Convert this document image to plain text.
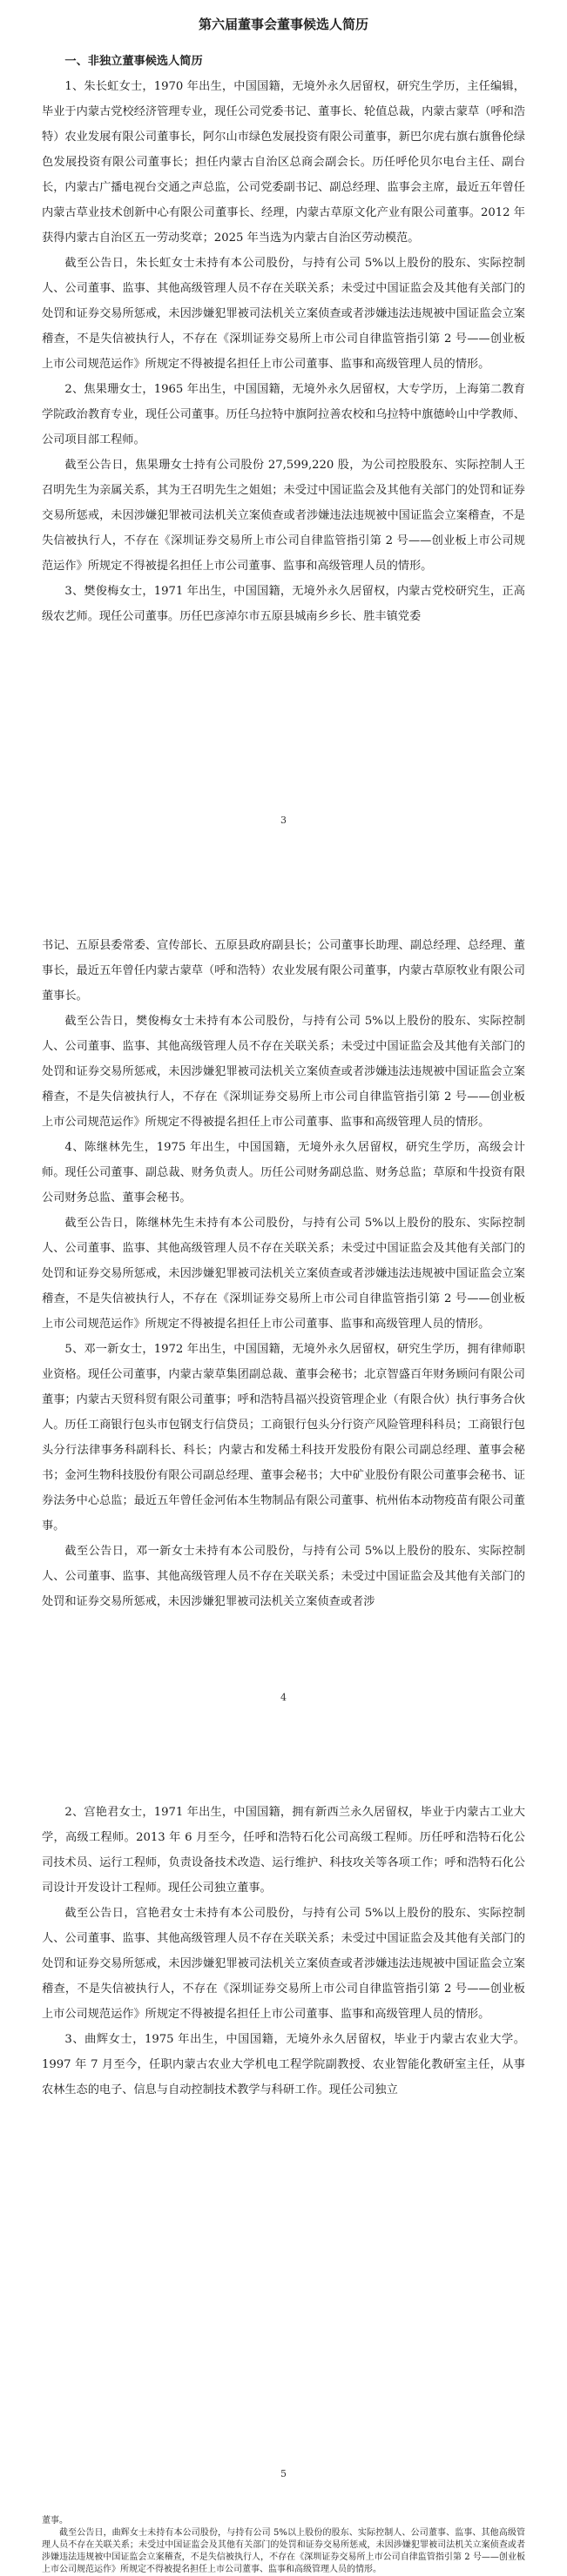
第六届董事会董事候选人简历

一、非独立董事候选人简历

1、朱长虹女士，1970 年出生，中国国籍，无境外永久居留权，研究生学历，主任编辑，毕业于内蒙古党校经济管理专业，现任公司党委书记、董事长、轮值总裁，内蒙古蒙草（呼和浩特）农业发展有限公司董事长，阿尔山市绿色发展投资有限公司董事，新巴尔虎右旗右旗鲁伦绿色发展投资有限公司董事长；担任内蒙古自治区总商会副会长。历任呼伦贝尔电台主任、副台长，内蒙古广播电视台交通之声总监，公司党委副书记、副总经理、监事会主席，最近五年曾任内蒙古草业技术创新中心有限公司董事长、经理，内蒙古草原文化产业有限公司董事。2012 年获得内蒙古自治区五一劳动奖章；2025 年当选为内蒙古自治区劳动模范。

截至公告日，朱长虹女士未持有本公司股份，与持有公司 5%以上股份的股东、实际控制人、公司董事、监事、其他高级管理人员不存在关联关系；未受过中国证监会及其他有关部门的处罚和证券交易所惩戒，未因涉嫌犯罪被司法机关立案侦查或者涉嫌违法违规被中国证监会立案稽查，不是失信被执行人，不存在《深圳证券交易所上市公司自律监管指引第 2 号——创业板上市公司规范运作》所规定不得被提名担任上市公司董事、监事和高级管理人员的情形。

2、焦果珊女士，1965 年出生，中国国籍，无境外永久居留权，大专学历，上海第二教育学院政治教育专业，现任公司董事。历任乌拉特中旗阿拉善农校和乌拉特中旗德岭山中学教师、公司项目部工程师。

截至公告日，焦果珊女士持有公司股份 27,599,220 股，为公司控股股东、实际控制人王召明先生为亲属关系，其为王召明先生之姐姐；未受过中国证监会及其他有关部门的处罚和证券交易所惩戒，未因涉嫌犯罪被司法机关立案侦查或者涉嫌违法违规被中国证监会立案稽查，不是失信被执行人，不存在《深圳证券交易所上市公司自律监管指引第 2 号——创业板上市公司规范运作》所规定不得被提名担任上市公司董事、监事和高级管理人员的情形。

3、樊俊梅女士，1971 年出生，中国国籍，无境外永久居留权，内蒙古党校研究生，正高级农艺师。现任公司董事。历任巴彦淖尔市五原县城南乡乡长、胜丰镇党委

3

书记、五原县委常委、宣传部长、五原县政府副县长；公司董事长助理、副总经理、总经理、董事长，最近五年曾任内蒙古蒙草（呼和浩特）农业发展有限公司董事，内蒙古草原牧业有限公司董事长。

截至公告日，樊俊梅女士未持有本公司股份，与持有公司 5%以上股份的股东、实际控制人、公司董事、监事、其他高级管理人员不存在关联关系；未受过中国证监会及其他有关部门的处罚和证券交易所惩戒，未因涉嫌犯罪被司法机关立案侦查或者涉嫌违法违规被中国证监会立案稽查，不是失信被执行人，不存在《深圳证券交易所上市公司自律监管指引第 2 号——创业板上市公司规范运作》所规定不得被提名担任上市公司董事、监事和高级管理人员的情形。

4、陈继林先生，1975 年出生，中国国籍，无境外永久居留权，研究生学历，高级会计师。现任公司董事、副总裁、财务负责人。历任公司财务副总监、财务总监；草原和牛投资有限公司财务总监、董事会秘书。

截至公告日，陈继林先生未持有本公司股份，与持有公司 5%以上股份的股东、实际控制人、公司董事、监事、其他高级管理人员不存在关联关系；未受过中国证监会及其他有关部门的处罚和证券交易所惩戒，未因涉嫌犯罪被司法机关立案侦查或者涉嫌违法违规被中国证监会立案稽查，不是失信被执行人，不存在《深圳证券交易所上市公司自律监管指引第 2 号——创业板上市公司规范运作》所规定不得被提名担任上市公司董事、监事和高级管理人员的情形。

5、邓一新女士，1972 年出生，中国国籍，无境外永久居留权，研究生学历，拥有律师职业资格。现任公司董事，内蒙古蒙草集团副总裁、董事会秘书；北京智盛百年财务顾问有限公司董事；内蒙古天贸科贸有限公司董事；呼和浩特昌福兴投资管理企业（有限合伙）执行事务合伙人。历任工商银行包头市包钢支行信贷员；工商银行包头分行资产风险管理科科员；工商银行包头分行法律事务科副科长、科长；内蒙古和发稀土科技开发股份有限公司副总经理、董事会秘书；金河生物科技股份有限公司副总经理、董事会秘书；大中矿业股份有限公司董事会秘书、证券法务中心总监；最近五年曾任金河佑本生物制品有限公司董事、杭州佑本动物疫苗有限公司董事。

截至公告日，邓一新女士未持有本公司股份，与持有公司 5%以上股份的股东、实际控制人、公司董事、监事、其他高级管理人员不存在关联关系；未受过中国证监会及其他有关部门的处罚和证券交易所惩戒，未因涉嫌犯罪被司法机关立案侦查或者涉

4

2、宫艳君女士，1971 年出生，中国国籍，拥有新西兰永久居留权，毕业于内蒙古工业大学，高级工程师。2013 年 6 月至今，任呼和浩特石化公司高级工程师。历任呼和浩特石化公司技术员、运行工程师，负责设备技术改造、运行维护、科技攻关等各项工作；呼和浩特石化公司设计开发设计工程师。现任公司独立董事。

截至公告日，宫艳君女士未持有本公司股份，与持有公司 5%以上股份的股东、实际控制人、公司董事、监事、其他高级管理人员不存在关联关系；未受过中国证监会及其他有关部门的处罚和证券交易所惩戒，未因涉嫌犯罪被司法机关立案侦查或者涉嫌违法违规被中国证监会立案稽查，不是失信被执行人，不存在《深圳证券交易所上市公司自律监管指引第 2 号——创业板上市公司规范运作》所规定不得被提名担任上市公司董事、监事和高级管理人员的情形。

3、曲辉女士，1975 年出生，中国国籍，无境外永久居留权，毕业于内蒙古农业大学。1997 年 7 月至今，任职内蒙古农业大学机电工程学院副教授、农业智能化教研室主任，从事农林生态的电子、信息与自动控制技术教学与科研工作。现任公司独立

5

董事。

截至公告日，曲辉女士未持有本公司股份，与持有公司 5%以上股份的股东、实际控制人、公司董事、监事、其他高级管理人员不存在关联关系；未受过中国证监会及其他有关部门的处罚和证券交易所惩戒，未因涉嫌犯罪被司法机关立案侦查或者涉嫌违法违规被中国证监会立案稽查，不是失信被执行人，不存在《深圳证券交易所上市公司自律监管指引第 2 号——创业板上市公司规范运作》所规定不得被提名担任上市公司董事、监事和高级管理人员的情形。
